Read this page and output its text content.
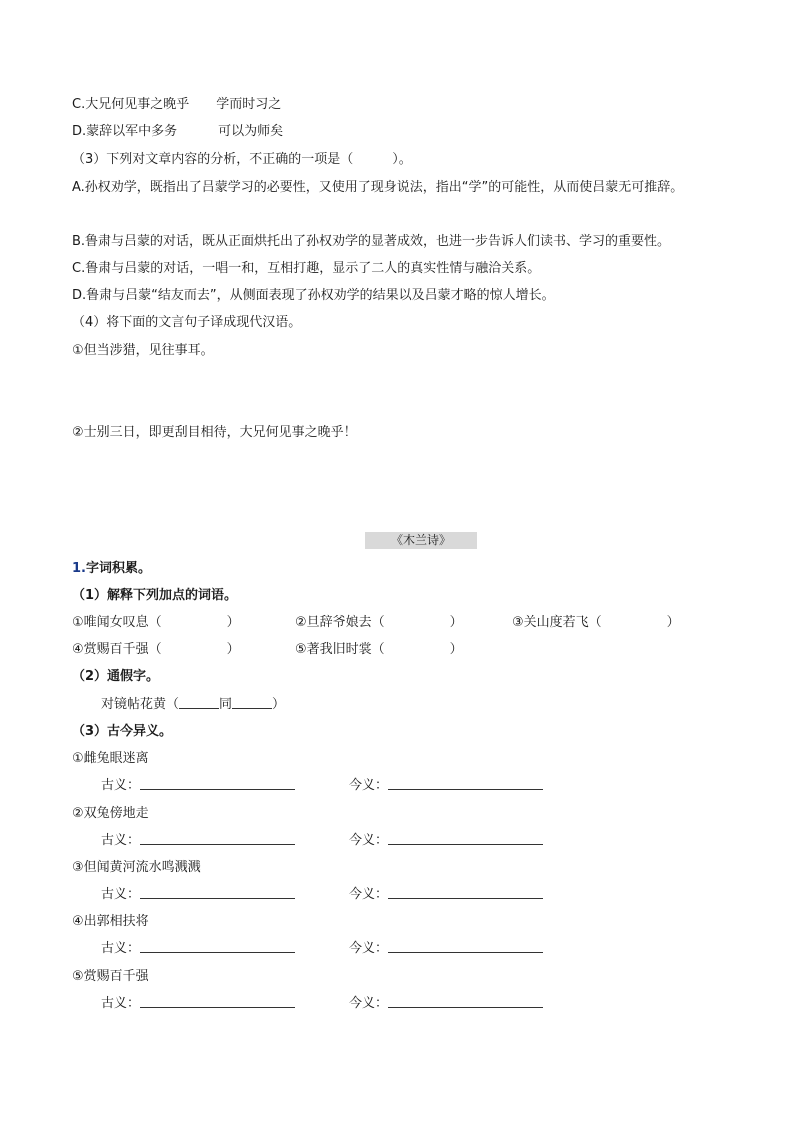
C.大兄何见事之晚乎 学而时习之
D.蒙辞以军中多务	可以为师矣
（3）下列对文章内容的分析，不正确的一项是（　　　）。
A.孙权劝学，既指出了吕蒙学习的必要性，又使用了现身说法，指出“学”的可能性，从而使吕蒙无可推辞。
B.鲁肃与吕蒙的对话，既从正面烘托出了孙权劝学的显著成效，也进一步告诉人们读书、学习的重要性。
C.鲁肃与吕蒙的对话，一唱一和，互相打趣，显示了二人的真实性情与融洽关系。
D.鲁肃与吕蒙“结友而去”，从侧面表现了孙权劝学的结果以及吕蒙才略的惊人增长。
（4）将下面的文言句子译成现代汉语。
①但当涉猎，见往事耳。
②士别三日，即更刮目相待，大兄何见事之晚乎！
《木兰诗》
1.字词积累。
（1）解释下列加点的词语。
①唯闻女叹息（　　　　　）	②旦辞爷娘去（　　　　　）	③关山度若飞（　　　　　）
④赏赐百千强（　　　　　）	⑤著我旧时裳（　　　　　）
（2）通假字。
对镜帖花黄（	同	）
（3）古今异义。
①雌兔眼迷离
古义：	今义：
②双兔傍地走
古义：	今义：
③但闻黄河流水鸣溅溅
古义：	今义：
④出郭相扶将
古义：	今义：
⑤赏赐百千强
古义：	今义：
